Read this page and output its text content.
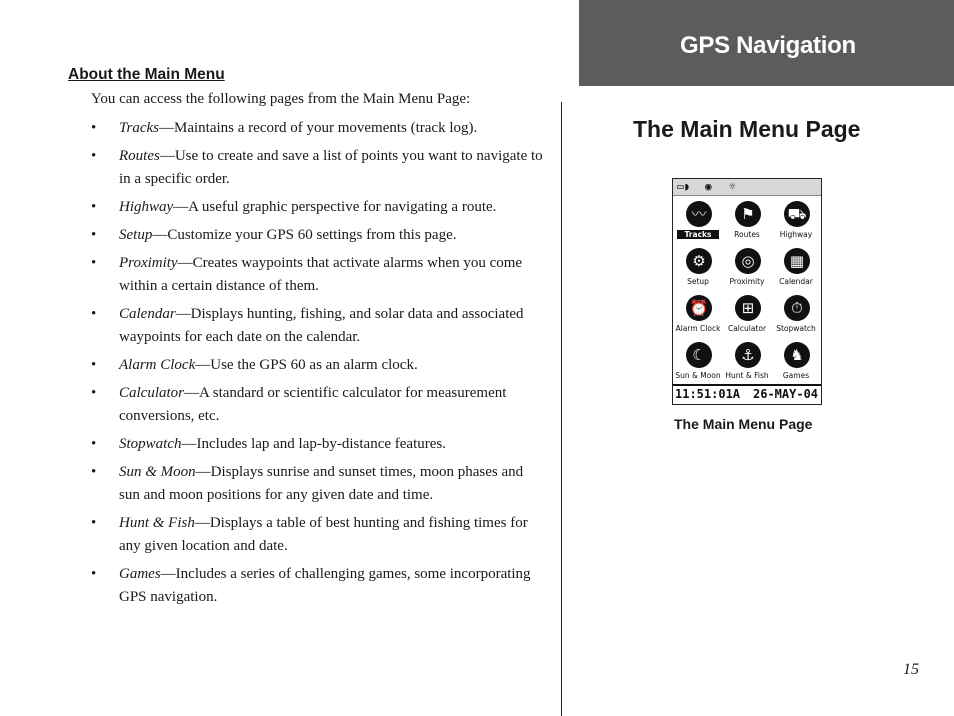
GPS Navigation
About the Main Menu
You can access the following pages from the Main Menu Page:
• Tracks—Maintains a record of your movements (track log).
• Routes—Use to create and save a list of points you want to navigate to in a specific order.
• Highway—A useful graphic perspective for navigating a route.
• Setup—Customize your GPS 60 settings from this page.
• Proximity—Creates waypoints that activate alarms when you come within a certain distance of them.
• Calendar—Displays hunting, fishing, and solar data and associated waypoints for each date on the calendar.
• Alarm Clock—Use the GPS 60 as an alarm clock.
• Calculator—A standard or scientific calculator for measurement conversions, etc.
• Stopwatch—Includes lap and lap-by-distance features.
• Sun & Moon—Displays sunrise and sunset times, moon phases and sun and moon positions for any given date and time.
• Hunt & Fish—Displays a table of best hunting and fishing times for any given location and date.
• Games—Includes a series of challenging games, some incorporating GPS navigation.
The Main Menu Page
▭◗ ◉ ☼
〰
Tracks
⚑
Routes
⛟
Highway
⚙
Setup
◎
Proximity
▦
Calendar
⏰
Alarm Clock
⊞
Calculator
⏱
Stopwatch
☾
Sun & Moon
⚓
Hunt & Fish
♞
Games
11:51:01A 26-MAY-04
The Main Menu Page
15
